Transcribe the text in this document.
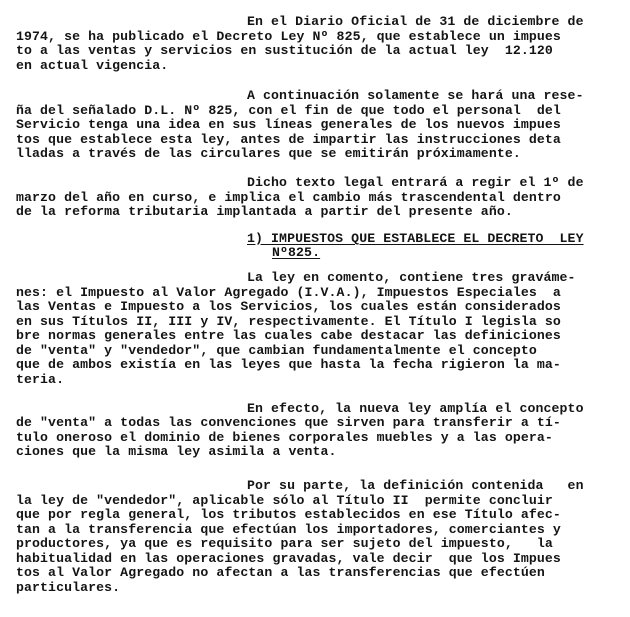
En el Diario Oficial de 31 de diciembre de

1974, se ha publicado el Decreto Ley Nº 825, que establece un impues

to a las ventas y servicios en sustitución de la actual ley  12.120

en actual vigencia.

A continuación solamente se hará una rese-

ña del señalado D.L. Nº 825, con el fin de que todo el personal  del

Servicio tenga una idea en sus líneas generales de los nuevos impues

tos que establece esta ley, antes de impartir las instrucciones deta

lladas a través de las circulares que se emitirán próximamente.

Dicho texto legal entrará a regir el 1º de

marzo del año en curso, e implica el cambio más trascendental dentro

de la reforma tributaria implantada a partir del presente año.

1) IMPUESTOS QUE ESTABLECE EL DECRETO  LEY

Nº825.

La ley en comento, contiene tres graváme-

nes: el Impuesto al Valor Agregado (I.V.A.), Impuestos Especiales  a

las Ventas e Impuesto a los Servicios, los cuales están considerados

en sus Títulos II, III y IV, respectivamente. El Título I legisla so

bre normas generales entre las cuales cabe destacar las definiciones

de "venta" y "vendedor", que cambian fundamentalmente el concepto

que de ambos existía en las leyes que hasta la fecha rigieron la ma-

teria.

En efecto, la nueva ley amplía el concepto

de "venta" a todas las convenciones que sirven para transferir a tí-

tulo oneroso el dominio de bienes corporales muebles y a las opera-

ciones que la misma ley asimila a venta.

Por su parte, la definición contenida   en

la ley de "vendedor", aplicable sólo al Título II  permite concluir

que por regla general, los tributos establecidos en ese Título afec-

tan a la transferencia que efectúan los importadores, comerciantes y

productores, ya que es requisito para ser sujeto del impuesto,   la

habitualidad en las operaciones gravadas, vale decir  que los Impues

tos al Valor Agregado no afectan a las transferencias que efectúen

particulares.
